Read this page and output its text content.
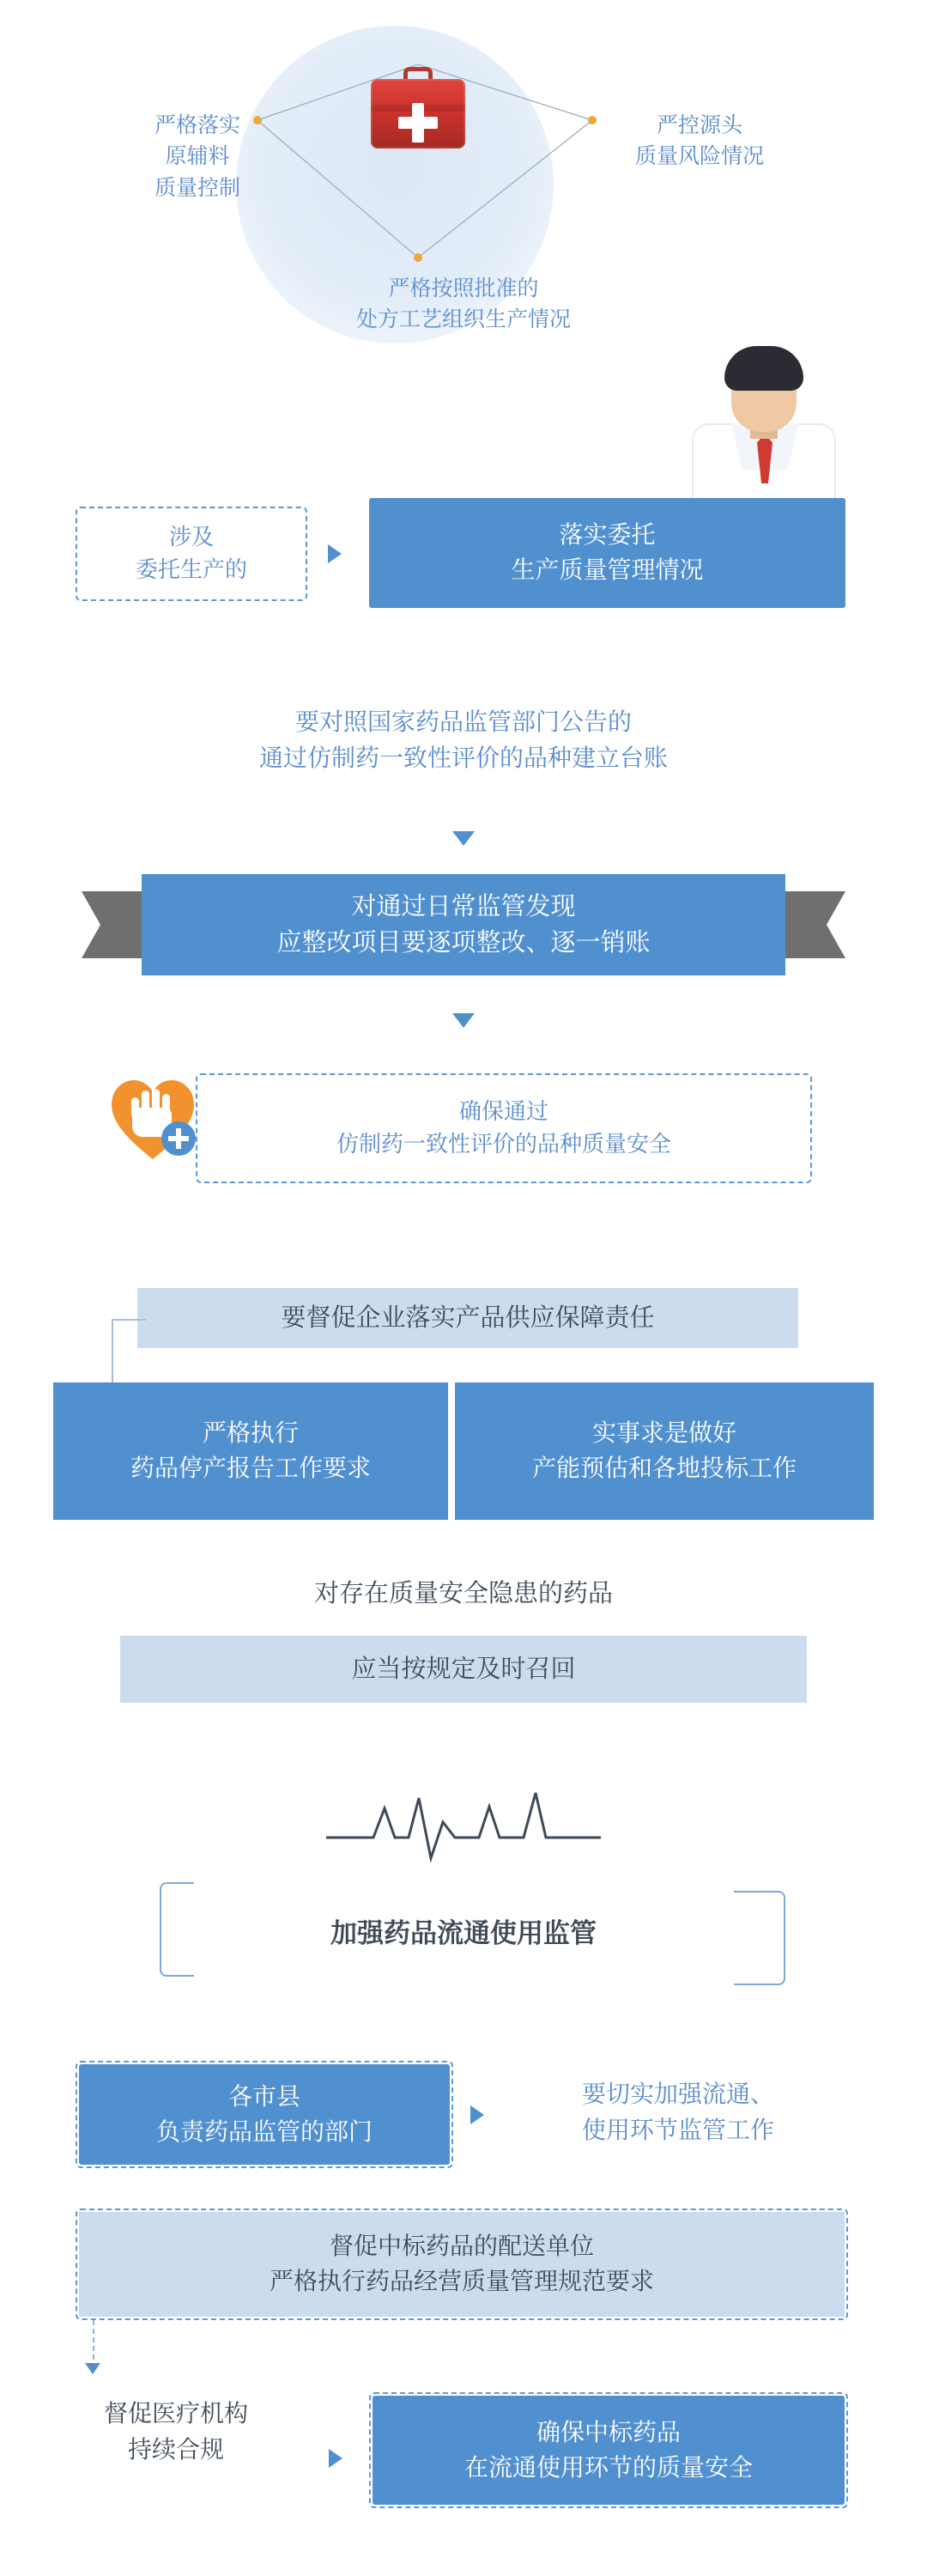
严格落实
原辅料
质量控制
严控源头
质量风险情况
严格按照批准的
处方工艺组织生产情况
涉及
委托生产的
落实委托
生产质量管理情况
要对照国家药品监管部门公告的
通过仿制药一致性评价的品种建立台账
对通过日常监管发现
应整改项目要逐项整改、逐一销账
确保通过
仿制药一致性评价的品种质量安全
要督促企业落实产品供应保障责任
严格执行
药品停产报告工作要求
实事求是做好
产能预估和各地投标工作
对存在质量安全隐患的药品
应当按规定及时召回
加强药品流通使用监管
各市县
负责药品监管的部门
要切实加强流通、
使用环节监管工作
督促中标药品的配送单位
严格执行药品经营质量管理规范要求
督促医疗机构
持续合规
确保中标药品
在流通使用环节的质量安全
